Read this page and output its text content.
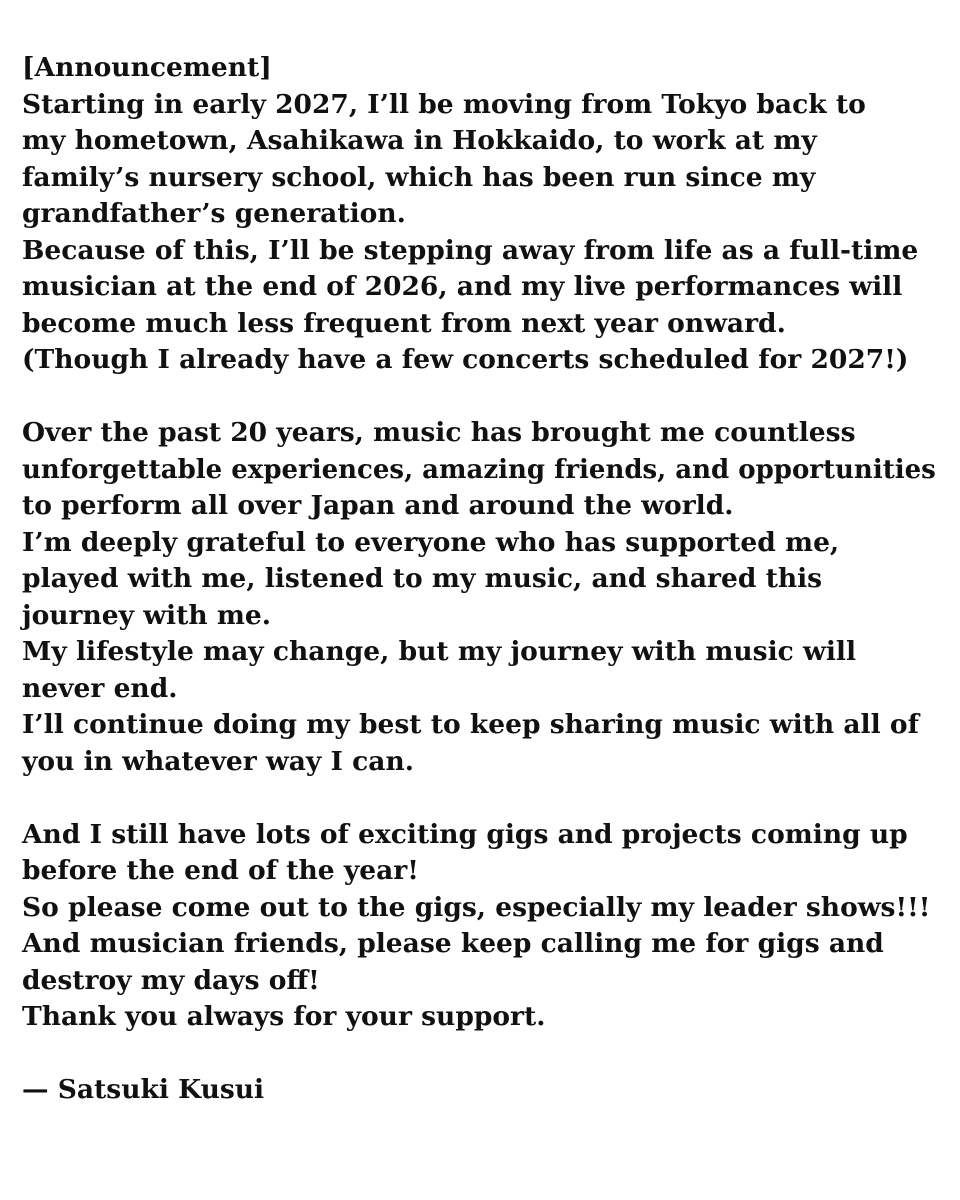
[Announcement]
Starting in early 2027, I’ll be moving from Tokyo back to
my hometown, Asahikawa in Hokkaido, to work at my
family’s nursery school, which has been run since my
grandfather’s generation.
Because of this, I’ll be stepping away from life as a full-time
musician at the end of 2026, and my live performances will
become much less frequent from next year onward.
(Though I already have a few concerts scheduled for 2027!)
Over the past 20 years, music has brought me countless
unforgettable experiences, amazing friends, and opportunities
to perform all over Japan and around the world.
I’m deeply grateful to everyone who has supported me,
played with me, listened to my music, and shared this
journey with me.
My lifestyle may change, but my journey with music will
never end.
I’ll continue doing my best to keep sharing music with all of
you in whatever way I can.
And I still have lots of exciting gigs and projects coming up
before the end of the year!
So please come out to the gigs, especially my leader shows!!!
And musician friends, please keep calling me for gigs and
destroy my days off!
Thank you always for your support.
— Satsuki Kusui
